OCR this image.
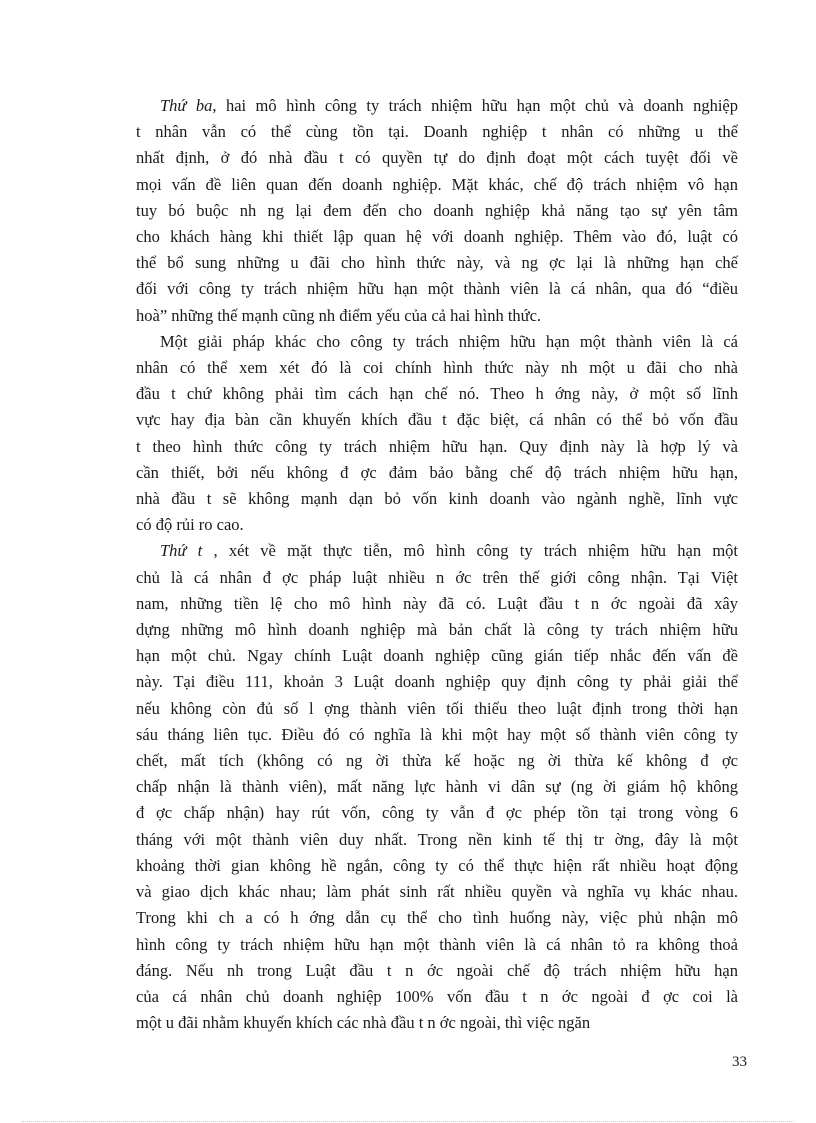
Thứ ba, hai mô hình công ty trách nhiệm hữu hạn một chủ và doanh nghiệp
t nhân vẫn có thể cùng tồn tại. Doanh nghiệp t nhân có những u thế
nhất định, ở đó nhà đầu t có quyền tự do định đoạt một cách tuyệt đối về
mọi vấn đề liên quan đến doanh nghiệp. Mặt khác, chế độ trách nhiệm vô hạn
tuy bó buộc nh ng lại đem đến cho doanh nghiệp khả năng tạo sự yên tâm
cho khách hàng khi thiết lập quan hệ với doanh nghiệp. Thêm vào đó, luật có
thể bổ sung những u đãi cho hình thức này, và ng ợc lại là những hạn chế
đối với công ty trách nhiệm hữu hạn một thành viên là cá nhân, qua đó “điều
hoà” những thế mạnh cũng nh điểm yếu của cả hai hình thức.
Một giải pháp khác cho công ty trách nhiệm hữu hạn một thành viên là cá
nhân có thể xem xét đó là coi chính hình thức này nh một u đãi cho nhà
đầu t chứ không phải tìm cách hạn chế nó. Theo h ớng này, ở một số lĩnh
vực hay địa bàn cần khuyến khích đầu t đặc biệt, cá nhân có thể bỏ vốn đầu
t theo hình thức công ty trách nhiệm hữu hạn. Quy định này là hợp lý và
cần thiết, bởi nếu không đ ợc đảm bảo bằng chế độ trách nhiệm hữu hạn,
nhà đầu t sẽ không mạnh dạn bỏ vốn kinh doanh vào ngành nghề, lĩnh vực
có độ rủi ro cao.
Thứ t , xét về mặt thực tiễn, mô hình công ty trách nhiệm hữu hạn một
chủ là cá nhân đ ợc pháp luật nhiều n ớc trên thế giới công nhận. Tại Việt
nam, những tiền lệ cho mô hình này đã có. Luật đầu t n ớc ngoài đã xây
dựng những mô hình doanh nghiệp mà bản chất là công ty trách nhiệm hữu
hạn một chủ. Ngay chính Luật doanh nghiệp cũng gián tiếp nhắc đến vấn đề
này. Tại điều 111, khoản 3 Luật doanh nghiệp quy định công ty phải giải thể
nếu không còn đủ số l ợng thành viên tối thiểu theo luật định trong thời hạn
sáu tháng liên tục. Điều đó có nghĩa là khi một hay một số thành viên công ty
chết, mất tích (không có ng ời thừa kế hoặc ng ời thừa kế không đ ợc
chấp nhận là thành viên), mất năng lực hành vi dân sự (ng ời giám hộ không
đ ợc chấp nhận) hay rút vốn, công ty vẫn đ ợc phép tồn tại trong vòng 6
tháng với một thành viên duy nhất. Trong nền kinh tế thị tr ờng, đây là một
khoảng thời gian không hề ngắn, công ty có thể thực hiện rất nhiều hoạt động
và giao dịch khác nhau; làm phát sinh rất nhiều quyền và nghĩa vụ khác nhau.
Trong khi ch a có h ớng dẫn cụ thể cho tình huống này, việc phủ nhận mô
hình công ty trách nhiệm hữu hạn một thành viên là cá nhân tỏ ra không thoả
đáng. Nếu nh trong Luật đầu t n ớc ngoài chế độ trách nhiệm hữu hạn
của cá nhân chủ doanh nghiệp 100% vốn đầu t n ớc ngoài đ ợc coi là
một u đãi nhằm khuyến khích các nhà đầu t n ớc ngoài, thì việc ngăn
33
